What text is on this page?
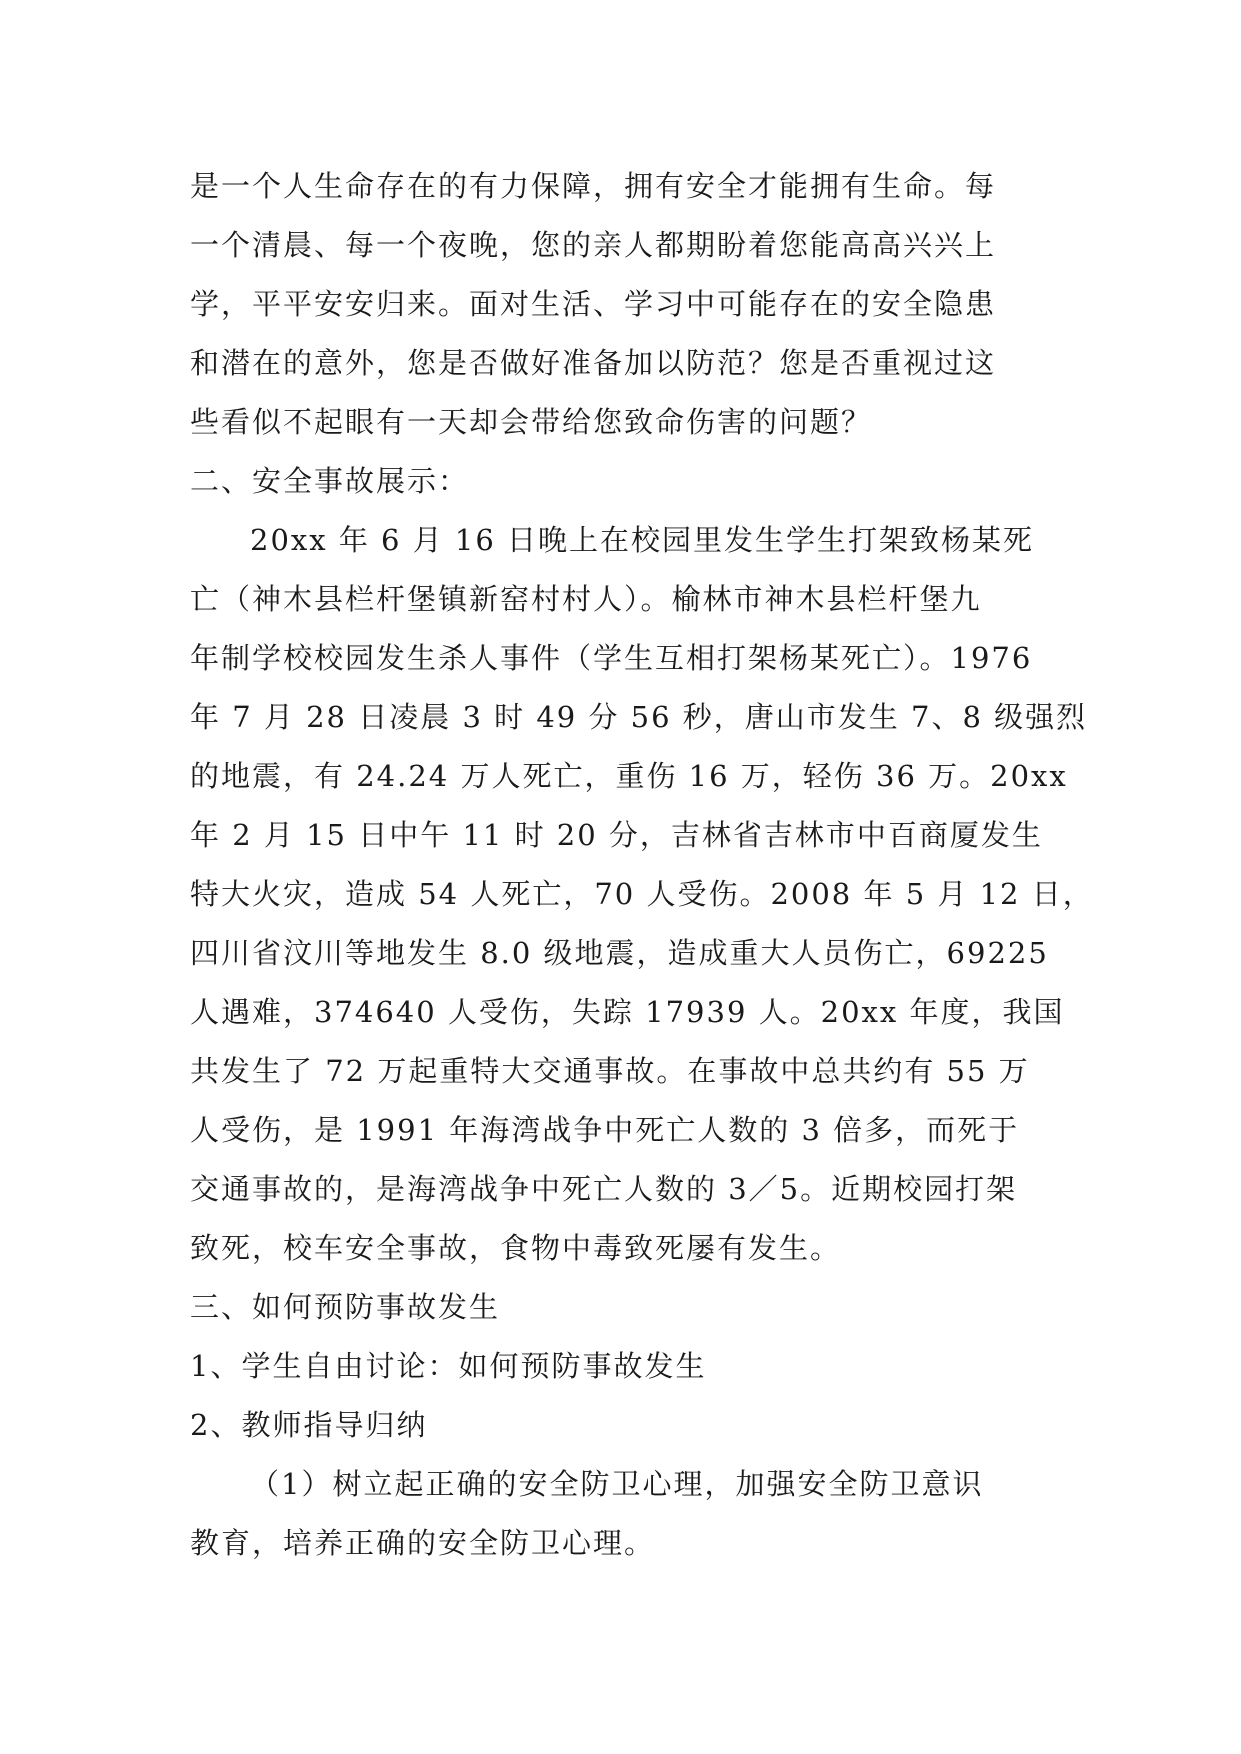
是一个人生命存在的有力保障，拥有安全才能拥有生命。每
一个清晨、每一个夜晚，您的亲人都期盼着您能高高兴兴上
学，平平安安归来。面对生活、学习中可能存在的安全隐患
和潜在的意外，您是否做好准备加以防范？您是否重视过这
些看似不起眼有一天却会带给您致命伤害的问题？

二、安全事故展示：

20xx 年 6 月 16 日晚上在校园里发生学生打架致杨某死
亡（神木县栏杆堡镇新窑村村人）。榆林市神木县栏杆堡九
年制学校校园发生杀人事件（学生互相打架杨某死亡）。1976
年 7 月 28 日凌晨 3 时 49 分 56 秒，唐山市发生 7、8 级强烈
的地震，有 24.24 万人死亡，重伤 16 万，轻伤 36 万。20xx
年 2 月 15 日中午 11 时 20 分，吉林省吉林市中百商厦发生
特大火灾，造成 54 人死亡，70 人受伤。2008 年 5 月 12 日，
四川省汶川等地发生 8.0 级地震，造成重大人员伤亡，69225
人遇难，374640 人受伤，失踪 17939 人。20xx 年度，我国
共发生了 72 万起重特大交通事故。在事故中总共约有 55 万
人受伤，是 1991 年海湾战争中死亡人数的 3 倍多，而死于
交通事故的，是海湾战争中死亡人数的 3／5。近期校园打架
致死，校车安全事故，食物中毒致死屡有发生。

三、如何预防事故发生

1、学生自由讨论：如何预防事故发生

2、教师指导归纳

（1）树立起正确的安全防卫心理，加强安全防卫意识
教育，培养正确的安全防卫心理。
